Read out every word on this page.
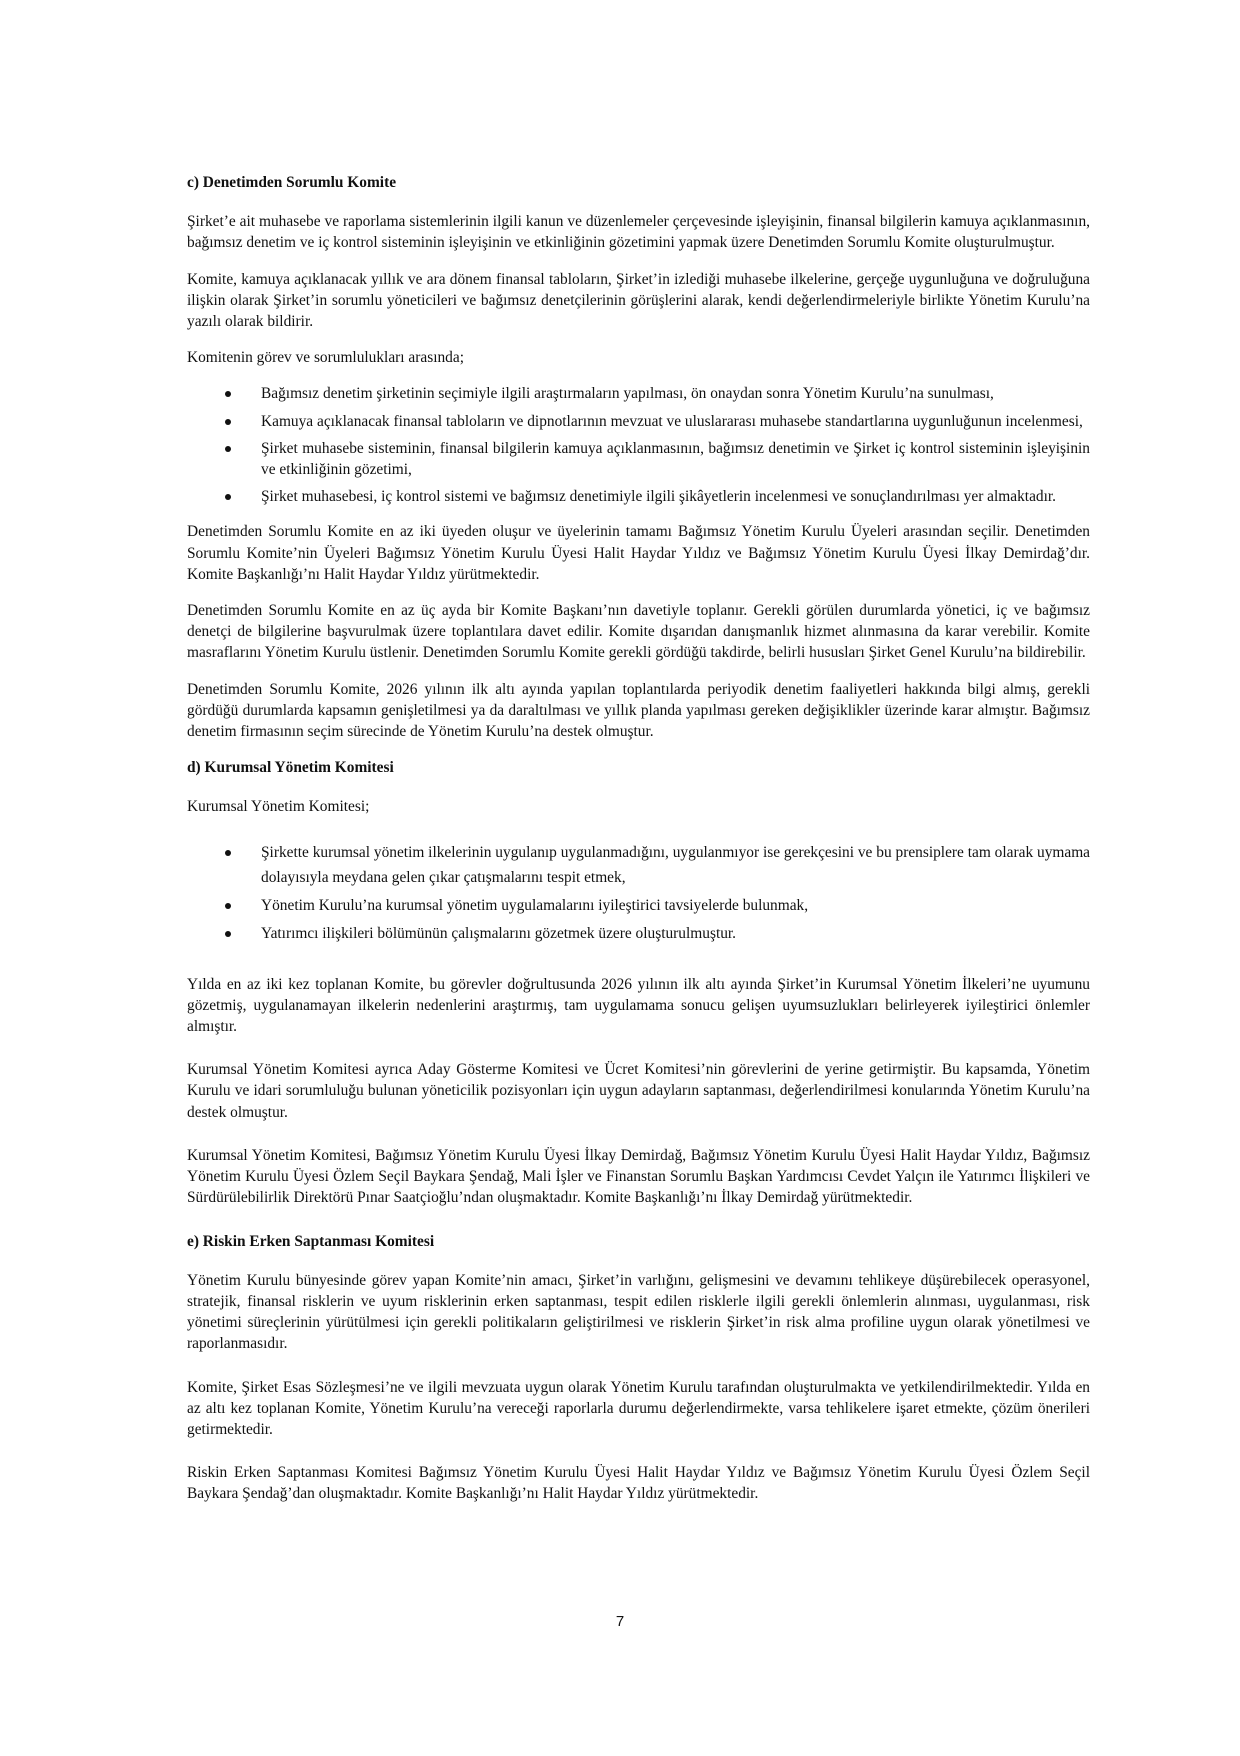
c) Denetimden Sorumlu Komite

Şirket’e ait muhasebe ve raporlama sistemlerinin ilgili kanun ve düzenlemeler çerçevesinde işleyişinin, finansal bilgilerin kamuya açıklanmasının, bağımsız denetim ve iç kontrol sisteminin işleyişinin ve etkinliğinin gözetimini yapmak üzere Denetimden Sorumlu Komite oluşturulmuştur.

Komite, kamuya açıklanacak yıllık ve ara dönem finansal tabloların, Şirket’in izlediği muhasebe ilkelerine, gerçeğe uygunluğuna ve doğruluğuna ilişkin olarak Şirket’in sorumlu yöneticileri ve bağımsız denetçilerinin görüşlerini alarak, kendi değerlendirmeleriyle birlikte Yönetim Kurulu’na yazılı olarak bildirir.

Komitenin görev ve sorumlulukları arasında;

Bağımsız denetim şirketinin seçimiyle ilgili araştırmaların yapılması, ön onaydan sonra Yönetim Kurulu’na sunulması,
Kamuya açıklanacak finansal tabloların ve dipnotlarının mevzuat ve uluslararası muhasebe standartlarına uygunluğunun incelenmesi,
Şirket muhasebe sisteminin, finansal bilgilerin kamuya açıklanmasının, bağımsız denetimin ve Şirket iç kontrol sisteminin işleyişinin ve etkinliğinin gözetimi,
Şirket muhasebesi, iç kontrol sistemi ve bağımsız denetimiyle ilgili şikâyetlerin incelenmesi ve sonuçlandırılması yer almaktadır.

Denetimden Sorumlu Komite en az iki üyeden oluşur ve üyelerinin tamamı Bağımsız Yönetim Kurulu Üyeleri arasından seçilir. Denetimden Sorumlu Komite’nin Üyeleri Bağımsız Yönetim Kurulu Üyesi Halit Haydar Yıldız ve Bağımsız Yönetim Kurulu Üyesi İlkay Demirdağ’dır. Komite Başkanlığı’nı Halit Haydar Yıldız yürütmektedir.

Denetimden Sorumlu Komite en az üç ayda bir Komite Başkanı’nın davetiyle toplanır. Gerekli görülen durumlarda yönetici, iç ve bağımsız denetçi de bilgilerine başvurulmak üzere toplantılara davet edilir. Komite dışarıdan danışmanlık hizmet alınmasına da karar verebilir. Komite masraflarını Yönetim Kurulu üstlenir. Denetimden Sorumlu Komite gerekli gördüğü takdirde, belirli hususları Şirket Genel Kurulu’na bildirebilir.

Denetimden Sorumlu Komite, 2026 yılının ilk altı ayında yapılan toplantılarda periyodik denetim faaliyetleri hakkında bilgi almış, gerekli gördüğü durumlarda kapsamın genişletilmesi ya da daraltılması ve yıllık planda yapılması gereken değişiklikler üzerinde karar almıştır. Bağımsız denetim firmasının seçim sürecinde de Yönetim Kurulu’na destek olmuştur.

d) Kurumsal Yönetim Komitesi

Kurumsal Yönetim Komitesi;

Şirkette kurumsal yönetim ilkelerinin uygulanıp uygulanmadığını, uygulanmıyor ise gerekçesini ve bu prensiplere tam olarak uymama dolayısıyla meydana gelen çıkar çatışmalarını tespit etmek,
Yönetim Kurulu’na kurumsal yönetim uygulamalarını iyileştirici tavsiyelerde bulunmak,
Yatırımcı ilişkileri bölümünün çalışmalarını gözetmek üzere oluşturulmuştur.

Yılda en az iki kez toplanan Komite, bu görevler doğrultusunda 2026 yılının ilk altı ayında Şirket’in Kurumsal Yönetim İlkeleri’ne uyumunu gözetmiş, uygulanamayan ilkelerin nedenlerini araştırmış, tam uygulamama sonucu gelişen uyumsuzlukları belirleyerek iyileştirici önlemler almıştır.

Kurumsal Yönetim Komitesi ayrıca Aday Gösterme Komitesi ve Ücret Komitesi’nin görevlerini de yerine getirmiştir. Bu kapsamda, Yönetim Kurulu ve idari sorumluluğu bulunan yöneticilik pozisyonları için uygun adayların saptanması, değerlendirilmesi konularında Yönetim Kurulu’na destek olmuştur.

Kurumsal Yönetim Komitesi, Bağımsız Yönetim Kurulu Üyesi İlkay Demirdağ, Bağımsız Yönetim Kurulu Üyesi Halit Haydar Yıldız, Bağımsız Yönetim Kurulu Üyesi Özlem Seçil Baykara Şendağ, Mali İşler ve Finanstan Sorumlu Başkan Yardımcısı Cevdet Yalçın ile Yatırımcı İlişkileri ve Sürdürülebilirlik Direktörü Pınar Saatçioğlu’ndan oluşmaktadır. Komite Başkanlığı’nı İlkay Demirdağ yürütmektedir.

e) Riskin Erken Saptanması Komitesi

Yönetim Kurulu bünyesinde görev yapan Komite’nin amacı, Şirket’in varlığını, gelişmesini ve devamını tehlikeye düşürebilecek operasyonel, stratejik, finansal risklerin ve uyum risklerinin erken saptanması, tespit edilen risklerle ilgili gerekli önlemlerin alınması, uygulanması, risk yönetimi süreçlerinin yürütülmesi için gerekli politikaların geliştirilmesi ve risklerin Şirket’in risk alma profiline uygun olarak yönetilmesi ve raporlanmasıdır.

Komite, Şirket Esas Sözleşmesi’ne ve ilgili mevzuata uygun olarak Yönetim Kurulu tarafından oluşturulmakta ve yetkilendirilmektedir. Yılda en az altı kez toplanan Komite, Yönetim Kurulu’na vereceği raporlarla durumu değerlendirmekte, varsa tehlikelere işaret etmekte, çözüm önerileri getirmektedir.

Riskin Erken Saptanması Komitesi Bağımsız Yönetim Kurulu Üyesi Halit Haydar Yıldız ve Bağımsız Yönetim Kurulu Üyesi Özlem Seçil Baykara Şendağ’dan oluşmaktadır. Komite Başkanlığı’nı Halit Haydar Yıldız yürütmektedir.

7
